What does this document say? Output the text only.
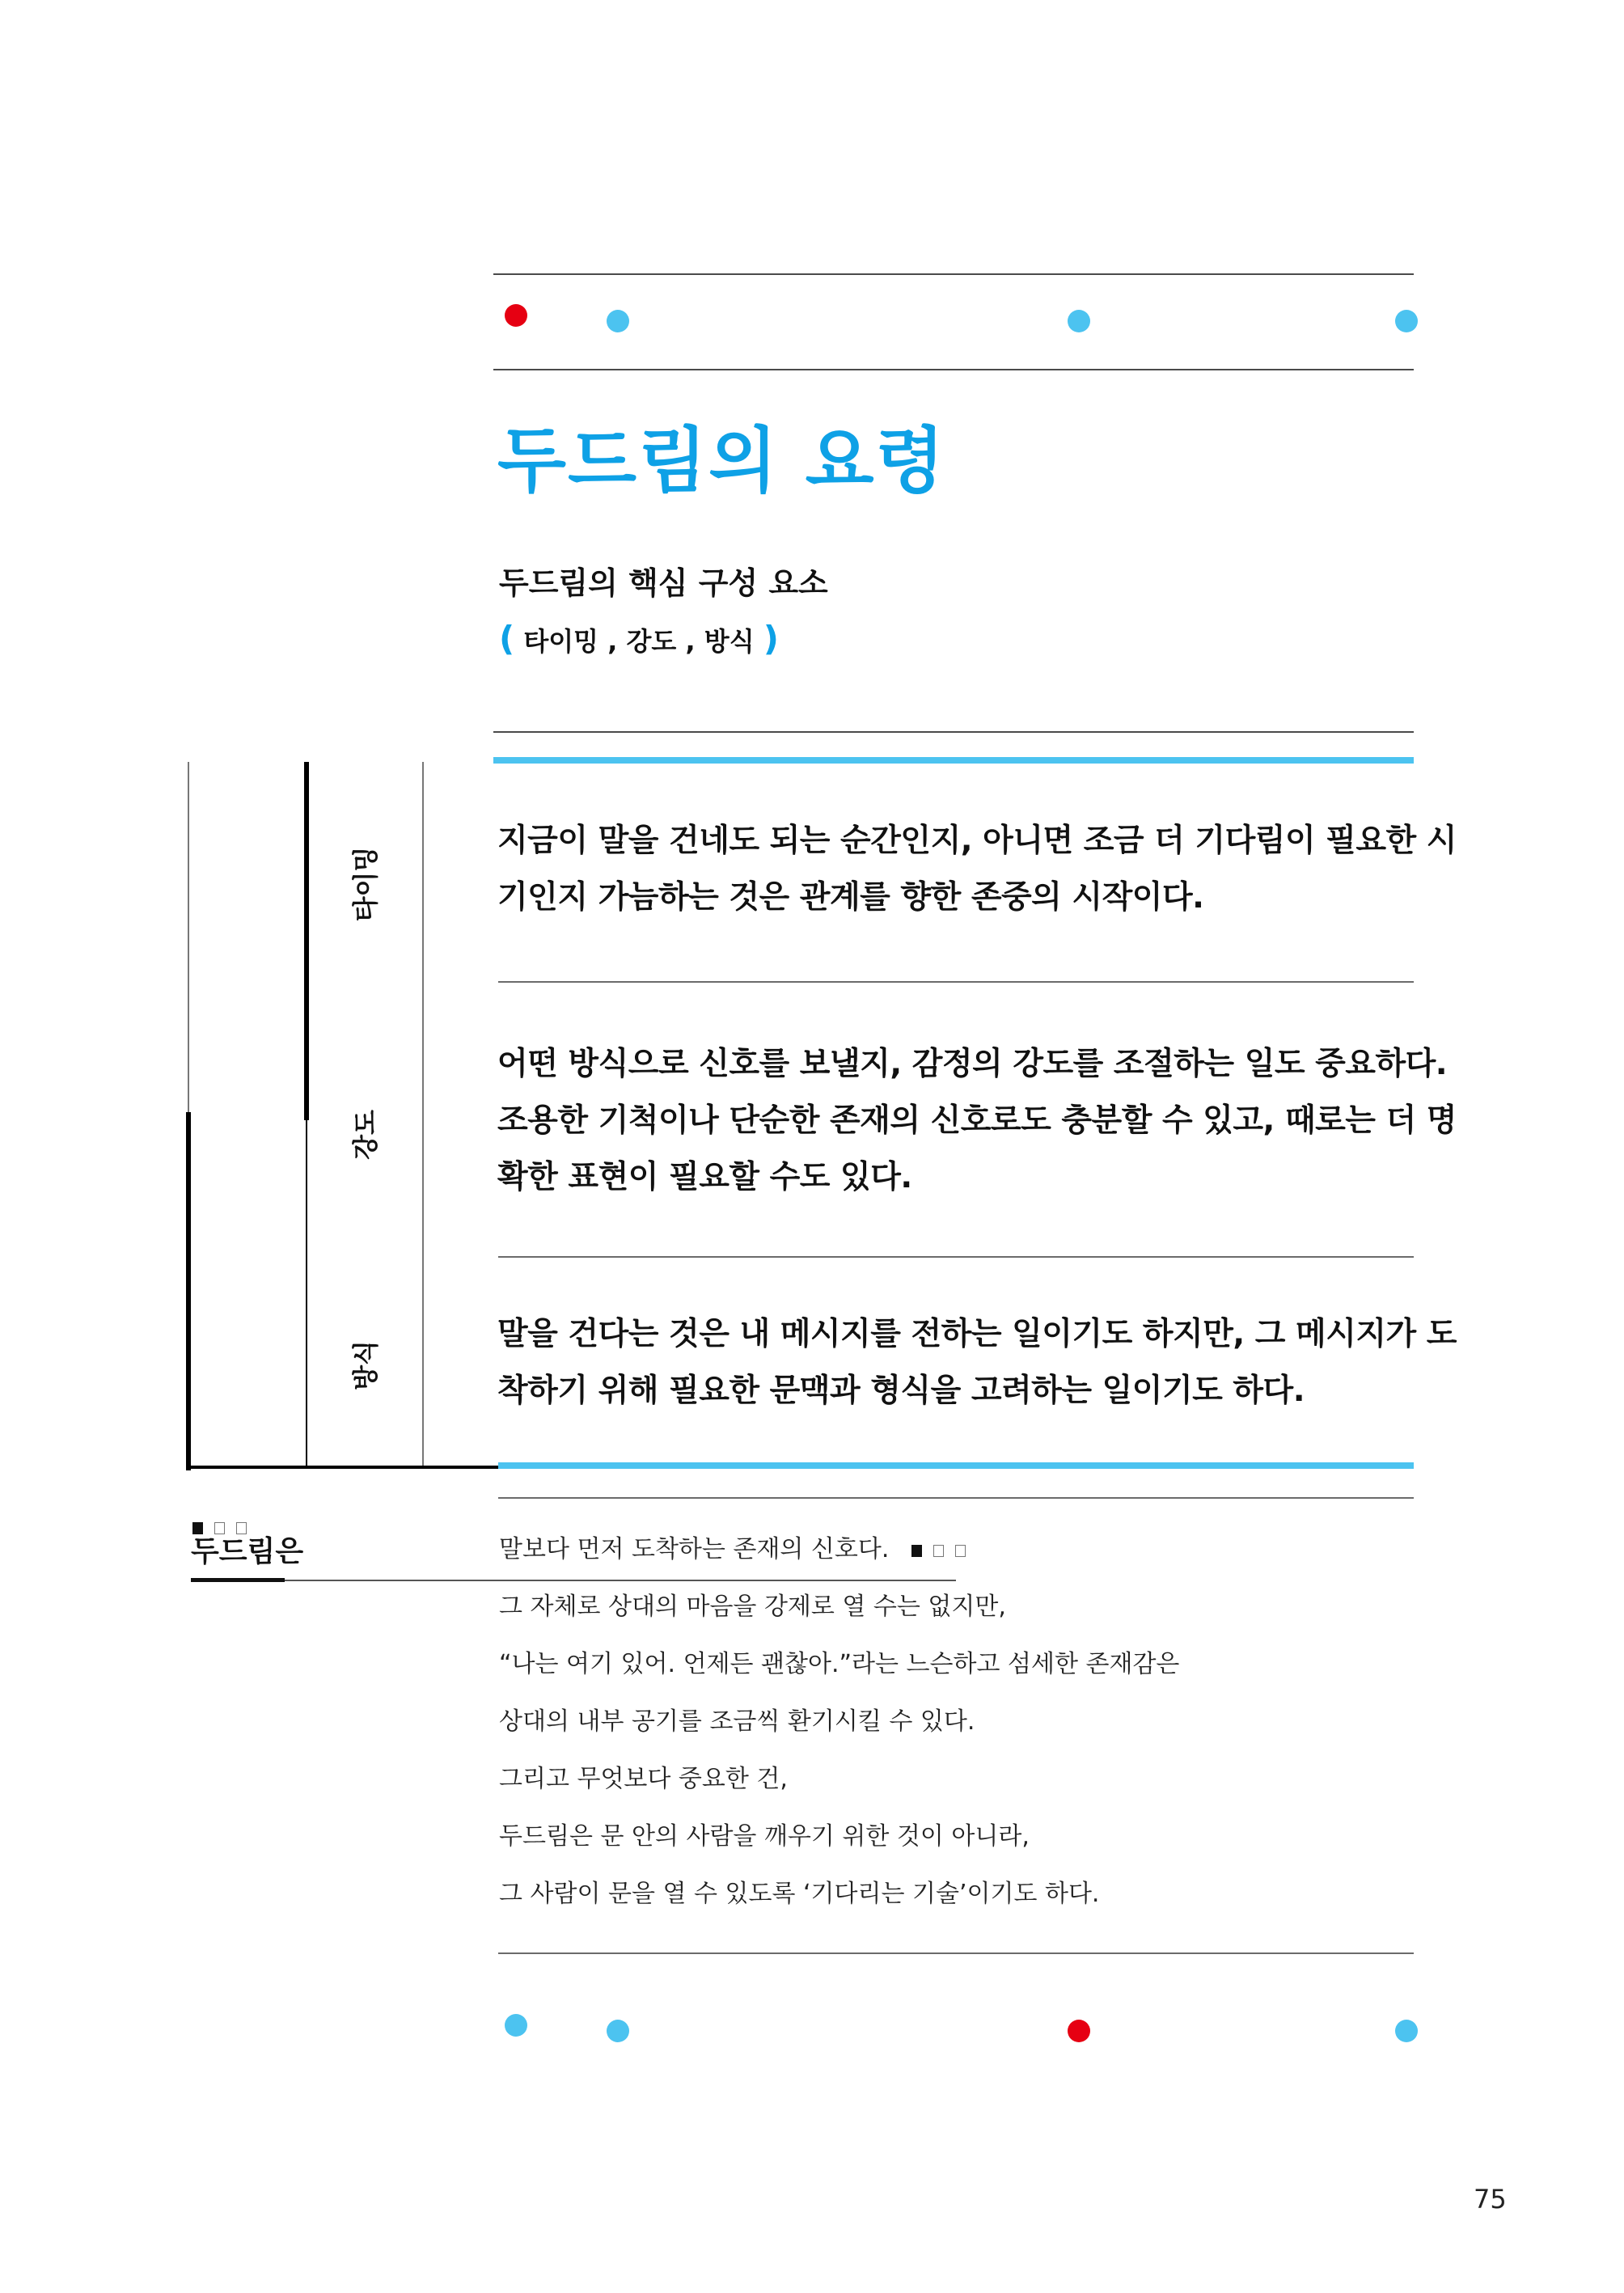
두드림의 요령
두드림의 핵심 구성 요소
( 타이밍 , 강도 , 방식 )
타이밍
강도
방식
지금이 말을 건네도 되는 순간인지, 아니면 조금 더 기다림이 필요한 시
기인지 가늠하는 것은 관계를 향한 존중의 시작이다.
어떤 방식으로 신호를 보낼지, 감정의 강도를 조절하는 일도 중요하다.
조용한 기척이나 단순한 존재의 신호로도 충분할 수 있고, 때로는 더 명
확한 표현이 필요할 수도 있다.
말을 건다는 것은 내 메시지를 전하는 일이기도 하지만, 그 메시지가 도
착하기 위해 필요한 문맥과 형식을 고려하는 일이기도 하다.
두드림은	말보다 먼저 도착하는 존재의 신호다.
그 자체로 상대의 마음을 강제로 열 수는 없지만,
“나는 여기 있어. 언제든 괜찮아.”라는 느슨하고 섬세한 존재감은
상대의 내부 공기를 조금씩 환기시킬 수 있다.
그리고 무엇보다 중요한 건,
두드림은 문 안의 사람을 깨우기 위한 것이 아니라,
그 사람이 문을 열 수 있도록 ‘기다리는 기술’이기도 하다.
75
